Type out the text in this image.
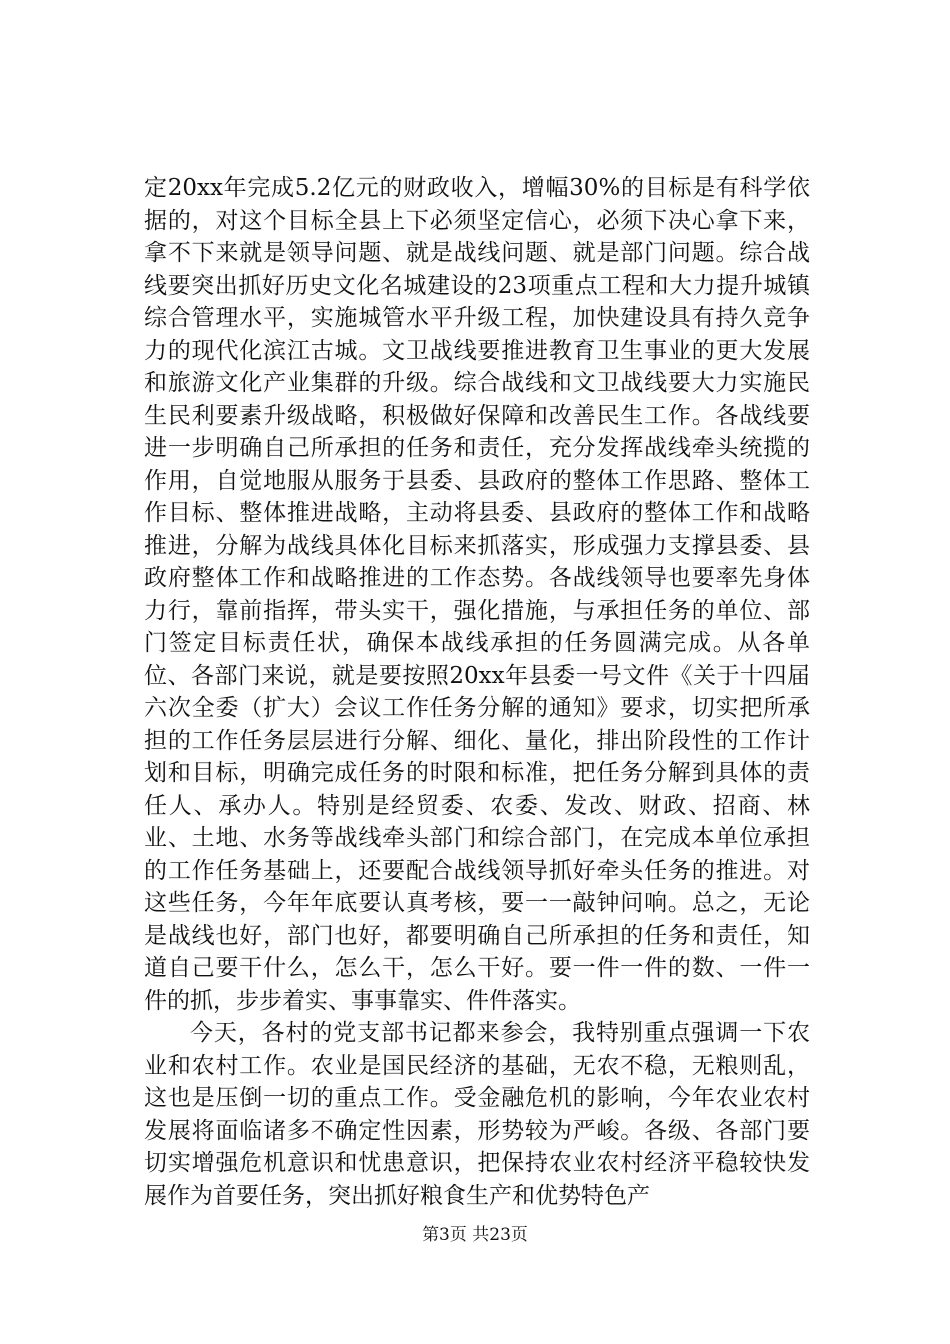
定20xx年完成5.2亿元的财政收入，增幅30%的目标是有科学依据的，对这个目标全县上下必须坚定信心，必须下决心拿下来，拿不下来就是领导问题、就是战线问题、就是部门问题。综合战线要突出抓好历史文化名城建设的23项重点工程和大力提升城镇综合管理水平，实施城管水平升级工程，加快建设具有持久竞争力的现代化滨江古城。文卫战线要推进教育卫生事业的更大发展和旅游文化产业集群的升级。综合战线和文卫战线要大力实施民生民利要素升级战略，积极做好保障和改善民生工作。各战线要进一步明确自己所承担的任务和责任，充分发挥战线牵头统揽的作用，自觉地服从服务于县委、县政府的整体工作思路、整体工作目标、整体推进战略，主动将县委、县政府的整体工作和战略推进，分解为战线具体化目标来抓落实，形成强力支撑县委、县政府整体工作和战略推进的工作态势。各战线领导也要率先身体力行，靠前指挥，带头实干，强化措施，与承担任务的单位、部门签定目标责任状，确保本战线承担的任务圆满完成。从各单位、各部门来说，就是要按照20xx年县委一号文件《关于十四届六次全委（扩大）会议工作任务分解的通知》要求，切实把所承担的工作任务层层进行分解、细化、量化，排出阶段性的工作计划和目标，明确完成任务的时限和标准，把任务分解到具体的责任人、承办人。特别是经贸委、农委、发改、财政、招商、林业、土地、水务等战线牵头部门和综合部门，在完成本单位承担的工作任务基础上，还要配合战线领导抓好牵头任务的推进。对这些任务，今年年底要认真考核，要一一敲钟问响。总之，无论是战线也好，部门也好，都要明确自己所承担的任务和责任，知道自己要干什么，怎么干，怎么干好。要一件一件的数、一件一件的抓，步步着实、事事靠实、件件落实。

今天，各村的党支部书记都来参会，我特别重点强调一下农业和农村工作。农业是国民经济的基础，无农不稳，无粮则乱，这也是压倒一切的重点工作。受金融危机的影响，今年农业农村发展将面临诸多不确定性因素，形势较为严峻。各级、各部门要切实增强危机意识和忧患意识，把保持农业农村经济平稳较快发展作为首要任务，突出抓好粮食生产和优势特色产

第3页 共23页
